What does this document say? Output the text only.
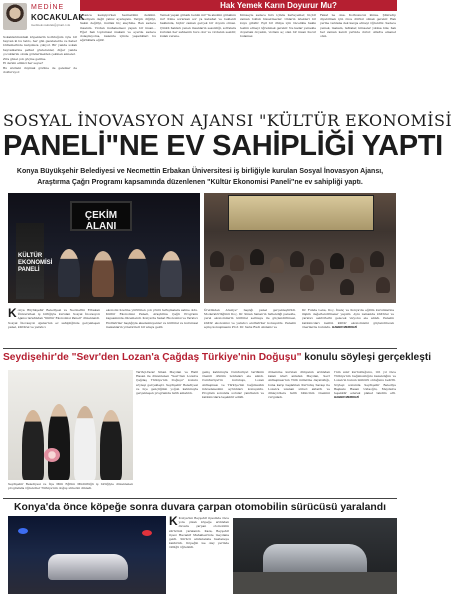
MEDİNE
KOCAKULAK
medinekocakulak@gmail.com

Sokaklarımızdaki köpeklerin korktuğum öyle bir hayvan ki bu tablo, her gün gazetelerde ve haber bültenlerinde karşımıza çıkıyor. Bir yanda sokak hayvanlarına şefkat gösterenler, diğer yanda çocuklarını okula göndermekten çekinen anneler.

Zira güzel çok göçme gelirse.

El dersin elimizi her seyse?

Bu sözdeki duymak gözüne de gelenler de dolduruyor.

Hak Yemek Karın Doyurur Mu?
tabanca kesişiyorken hezmetinin denilmi. Ödediyem değil yalnız ayarayanı. Yargılı diğiliyi, Sakın değiliyi, mutlak hiç aleyhine. Ben sadece insanım. Vicdan muhakemesi yapan bir insan... Eğer hak toplumsal makam ve eyerde sadece dolaşmıyorsa, kalemte içinde yaşadıkları bu ağırlıklara eğilir.
Yemek yapan günahı benim mi? Ya aksinin günahını mı? Kime sorarsan sor ya kabahat ve beklenti hakkında, hiçbir zaman gerçek bir doyum olmaz. Çünkü hakları yenen insanların sessizliği, sofralara kurulan her sahnenin tuzu olur ve vicdanın sesidir, kulak verene.
Kimseyle sadece hırs içinde ilerleyenler, hiçbir zaman tokluk hissetmezler. Onların istekleri bir kuyu gibidir. Eşit bir dünya için öncelikle hakkı teslim etmeyi öğrenmek gerekir. Ne kadar yemekle doyarsak doyalım, vicdanı aç olan bir insan huzur bulamaz.
Fakat ne olsa. Korkusuzuz kimse. Şükredip diyebilmek için önce dürüst olmak gerekir. Hak yerine varılana dek kavga etmeyi öğreniriz. Sadece yemek, makam, tahtalar, kimseler yıkılsa bile; hak her zaman kendi yerinde durur. Allah'a emanet olun.
SOSYAL İNOVASYON AJANSI "KÜLTÜR EKONOMİSİ
PANELİ"NE EV SAHİPLİĞİ YAPTI
Konya Büyükşehir Belediyesi ve Necmettin Erbakan Üniversitesi iş birliğiyle kurulan Sosyal İnovasyon Ajansı, Araştırma Çağrı Programı kapsamında düzenlenen "Kültür Ekonomisi Paneli"ne ev sahipliği yaptı.
ÇEKİM ALANI
KÜLTÜR EKONOMİSİ PANELİ
Konya Büyükşehir Belediyesi ve Necmettin Erbakan Üniversitesi iş birliğiyle kurulan Sosyal İnovasyon Ajansı tarafından "Kültür Ekonomisi Paneli" düzenlendi. Sosyal İnovasyon Ajansı'nın ev sahipliğinde gerçekleşen panel, kültürel ve yaratıcı
ekonomi üzerine yürütülen çok yönlü tartışmalara sahne oldu. Kültür Ekonomisi Paneli, Araştırma Çağrı Programı kapsamında düzenlendi. Konya'da Sanat Ekonomisi ve Yaratıcı Endüstriler başlığıyla akademisyenler ve kültürel ve kurumsal mekanların yöneticileri bir araya geldi.
Üretimden Araziye" başlığı panel gerçekleştirildi. Moderatörlüğünü Doç. Dr. Sinan Saban'ın üstlendiği panelde, yerel ekonomilerin kültürel sermaye ile güçlendirilmesi, kültür ekonomisi ve yaratıcı endüstriler konuşuldu. Panelin açılış konuşmasını Prof. Dr. Sarıs Rudi Akdeniz ve
Dr. Funda Lena, Doç. İnanç ve Konya'da eğitim kurumlarına ilişkin değerlendirmeler yapıldı. Aynı zamanda kültürel ve yaratıcı sektörlerin gelecek vizyonu ele alındı. Panelin katılımcıları kentin kültür ekonomisini güçlendirecek önerilerde bulundu. HABER MERKEZİ
Seydişehir'de "Sevr'den Lozan'a Çağdaş Türkiye'nin Doğuşu" konulu söyleşi gerçekleşti
Seydişehir Belediyesi ve İlçe Milli Eğitim Müdürlüğü iş birliğiyle düzenlenen programda öğrenciler Türkiye'nin doğuş sürecini dinledi.
Tarihçi-Yazar Sinan Meydan ve Halil Hasan ile düzenlenen "Sevr'den Lozan'a Çağdaş Türkiye'nin Doğuşu" konulu söyleşi gerçekleşti. Seydişehir Belediyesi ve ilçe gençliğinin yoğun katılımıyla gerçekleşen programda tarih anlatıldı.
geniş katılımıyla Cumhuriyet tarihinin önemli dönüm noktaları ele alındı. Cumhuriyet'in kuruluşu, Lozan Antlaşması ve Türkiye'nin bağımsızlık mücadelesinin ayrıntıları konuşuldu. Program sonunda sorular yanıtlandı ve katılımcılara teşekkür edildi.
dönemine kurulan dünyanın ardından kalan izleri anlatan Meydan, Sevr Antlaşması'nın Türk milletine dayatıldığı, buna karşı başlatılan Kurtuluş Savaşı ile Lozan'a uzanan süreci aktardı ve dinleyicilere tarih bilincinin önemini vurguladı.
t'nin sınıf kurtulduğunu, 101 yıl önce Türkiye'nin bağımsızlığını kazandığını ve Lozan'ın bunun mühürü olduğunu belirtti. Söyleşi sonunda Seydişehir Belediye Başkanı Hasan Ustaoğlu, Meydan'a teşekkür ederek plaket takdim etti. HABER MERKEZİ
Konya'da önce köpeğe sonra duvara çarpan otomobilin sürücüsü yaralandı
K Konya'nın Beyşehir ilçesinde önce yola çıkan köpeğe ardından duvara çarpan otomobilin sürücüsü yaralandı. Kaza, Beyşehir ilçesi Hacıakif Mahallesi'nde meydana geldi. Sürücü ambulansla hastaneye kaldırıldı. Köpeğin ise olay yerinde öldüğü öğrenildi.
